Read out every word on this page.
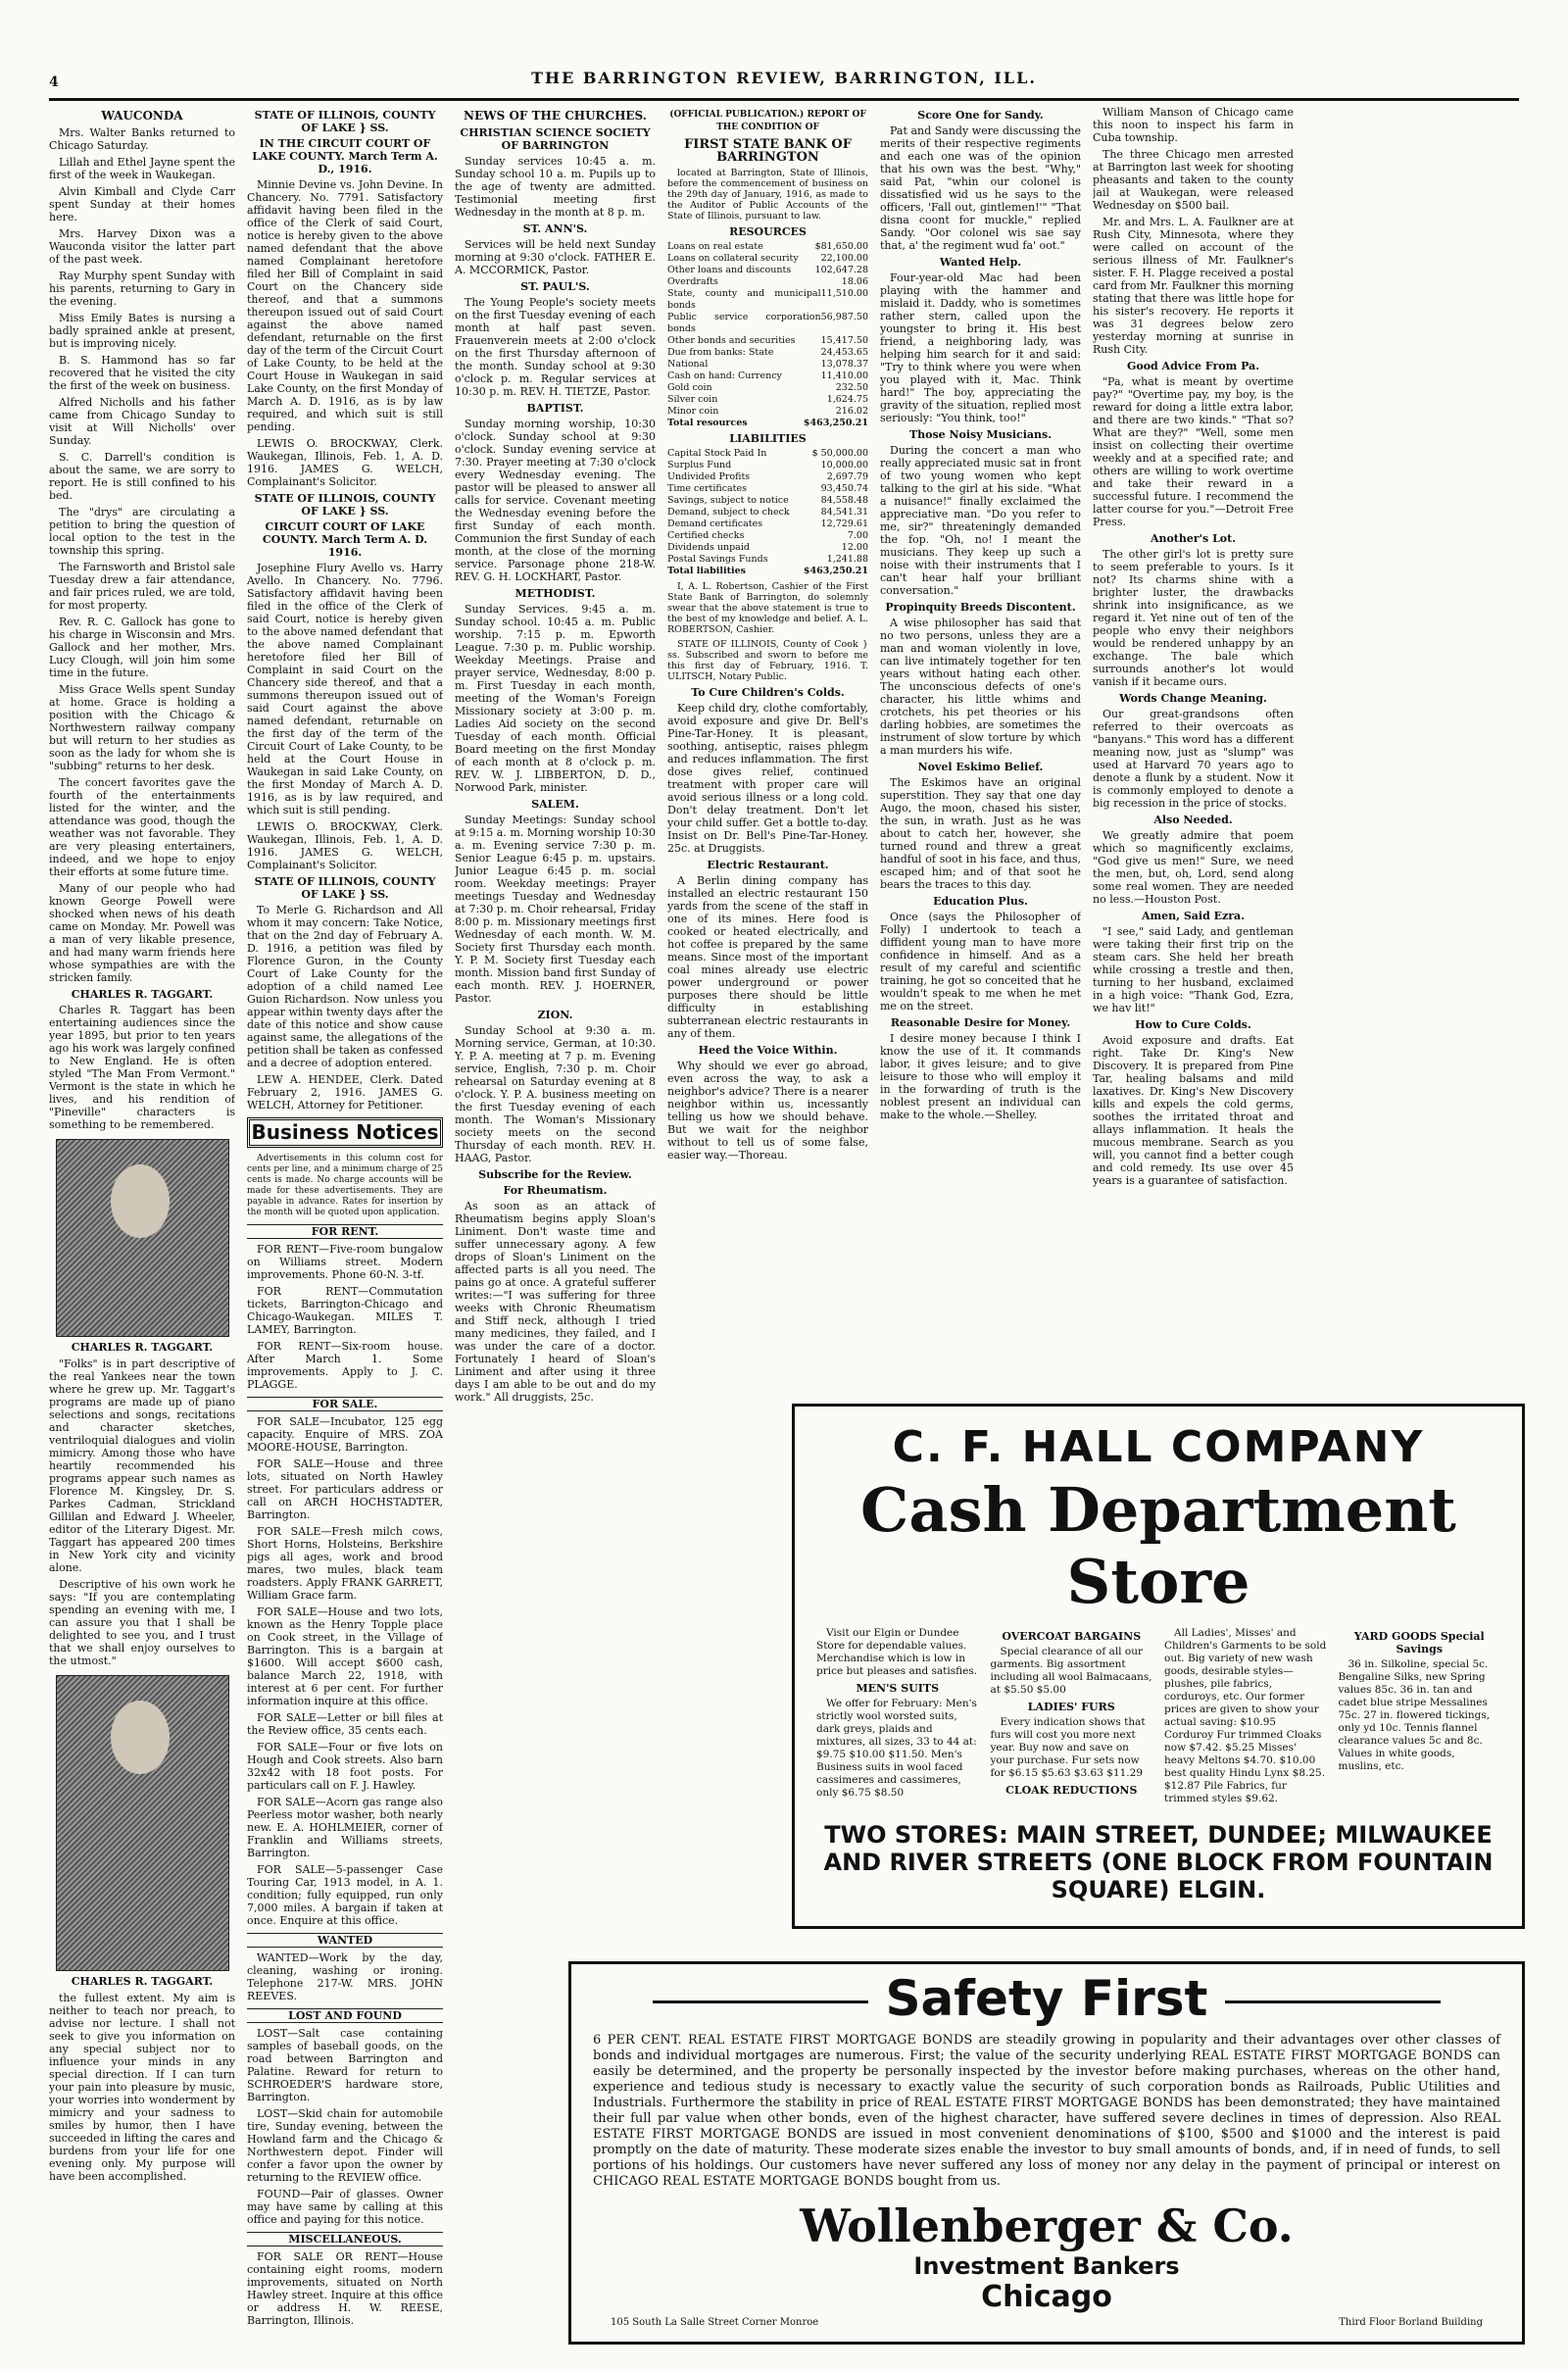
4	THE BARRINGTON REVIEW, BARRINGTON, ILL.
WAUCONDA

Mrs. Walter Banks returned to Chicago Saturday.

Lillah and Ethel Jayne spent the first of the week in Waukegan.

Alvin Kimball and Clyde Carr spent Sunday at their homes here.

Mrs. Harvey Dixon was a Wauconda visitor the latter part of the past week.

Ray Murphy spent Sunday with his parents, returning to Gary in the evening.

Miss Emily Bates is nursing a badly sprained ankle at present, but is improving nicely.

B. S. Hammond has so far recovered that he visited the city the first of the week on business.

Alfred Nicholls and his father came from Chicago Sunday to visit at Will Nicholls' over Sunday.

S. C. Darrell's condition is about the same, we are sorry to report. He is still confined to his bed.

The "drys" are circulating a petition to bring the question of local option to the test in the township this spring.

The Farnsworth and Bristol sale Tuesday drew a fair attendance, and fair prices ruled, we are told, for most property.

Rev. R. C. Gallock has gone to his charge in Wisconsin and Mrs. Gallock and her mother, Mrs. Lucy Clough, will join him some time in the future.

Miss Grace Wells spent Sunday at home. Grace is holding a position with the Chicago & Northwestern railway company but will return to her studies as soon as the lady for whom she is "subbing" returns to her desk.

The concert favorites gave the fourth of the entertainments listed for the winter, and the attendance was good, though the weather was not favorable. They are very pleasing entertainers, indeed, and we hope to enjoy their efforts at some future time.

Many of our people who had known George Powell were shocked when news of his death came on Monday. Mr. Powell was a man of very likable presence, and had many warm friends here whose sympathies are with the stricken family.

CHARLES R. TAGGART.

Charles R. Taggart has been entertaining audiences since the year 1895, but prior to ten years ago his work was largely confined to New England. He is often styled "The Man From Vermont." Vermont is the state in which he lives, and his rendition of "Pineville" characters is something to be remembered.

CHARLES R. TAGGART.

"Folks" is in part descriptive of the real Yankees near the town where he grew up. Mr. Taggart's programs are made up of piano selections and songs, recitations and character sketches, ventriloquial dialogues and violin mimicry. Among those who have heartily recommended his programs appear such names as Florence M. Kingsley, Dr. S. Parkes Cadman, Strickland Gillilan and Edward J. Wheeler, editor of the Literary Digest. Mr. Taggart has appeared 200 times in New York city and vicinity alone.

Descriptive of his own work he says: "If you are contemplating spending an evening with me, I can assure you that I shall be delighted to see you, and I trust that we shall enjoy ourselves to the utmost."

CHARLES R. TAGGART.

the fullest extent. My aim is neither to teach nor preach, to advise nor lecture. I shall not seek to give you information on any special subject nor to influence your minds in any special direction. If I can turn your pain into pleasure by music, your worries into wonderment by mimicry and your sadness to smiles by humor, then I have succeeded in lifting the cares and burdens from your life for one evening only. My purpose will have been accomplished.

STATE OF ILLINOIS, COUNTY OF LAKE } SS.
IN THE CIRCUIT COURT OF LAKE COUNTY. March Term A. D., 1916.

Minnie Devine vs. John Devine. In Chancery. No. 7791. Satisfactory affidavit having been filed in the office of the Clerk of said Court, notice is hereby given to the above named defendant that the above named Complainant heretofore filed her Bill of Complaint in said Court on the Chancery side thereof, and that a summons thereupon issued out of said Court against the above named defendant, returnable on the first day of the term of the Circuit Court of Lake County, to be held at the Court House in Waukegan in said Lake County, on the first Monday of March A. D. 1916, as is by law required, and which suit is still pending.

LEWIS O. BROCKWAY, Clerk. Waukegan, Illinois, Feb. 1, A. D. 1916. JAMES G. WELCH, Complainant's Solicitor.

STATE OF ILLINOIS, COUNTY OF LAKE } SS.
CIRCUIT COURT OF LAKE COUNTY. March Term A. D. 1916.

Josephine Flury Avello vs. Harry Avello. In Chancery. No. 7796. Satisfactory affidavit having been filed in the office of the Clerk of said Court, notice is hereby given to the above named defendant that the above named Complainant heretofore filed her Bill of Complaint in said Court on the Chancery side thereof, and that a summons thereupon issued out of said Court against the above named defendant, returnable on the first day of the term of the Circuit Court of Lake County, to be held at the Court House in Waukegan in said Lake County, on the first Monday of March A. D. 1916, as is by law required, and which suit is still pending.

LEWIS O. BROCKWAY, Clerk. Waukegan, Illinois, Feb. 1, A. D. 1916. JAMES G. WELCH, Complainant's Solicitor.

STATE OF ILLINOIS, COUNTY OF LAKE } SS.

To Merle G. Richardson and All whom it may concern: Take Notice, that on the 2nd day of February A. D. 1916, a petition was filed by Florence Guron, in the County Court of Lake County for the adoption of a child named Lee Guion Richardson. Now unless you appear within twenty days after the date of this notice and show cause against same, the allegations of the petition shall be taken as confessed and a decree of adoption entered.

LEW A. HENDEE, Clerk. Dated February 2, 1916. JAMES G. WELCH, Attorney for Petitioner.

Business Notices

Advertisements in this column cost for cents per line, and a minimum charge of 25 cents is made. No charge accounts will be made for these advertisements. They are payable in advance. Rates for insertion by the month will be quoted upon application.

FOR RENT.

FOR RENT—Five-room bungalow on Williams street. Modern improvements. Phone 60-N. 3-tf.

FOR RENT—Commutation tickets, Barrington-Chicago and Chicago-Waukegan. MILES T. LAMEY, Barrington.

FOR RENT—Six-room house. After March 1. Some improvements. Apply to J. C. PLAGGE.

FOR SALE.

FOR SALE—Incubator, 125 egg capacity. Enquire of MRS. ZOA MOORE-HOUSE, Barrington.

FOR SALE—House and three lots, situated on North Hawley street. For particulars address or call on ARCH HOCHSTADTER, Barrington.

FOR SALE—Fresh milch cows, Short Horns, Holsteins, Berkshire pigs all ages, work and brood mares, two mules, black team roadsters. Apply FRANK GARRETT, William Grace farm.

FOR SALE—House and two lots, known as the Henry Topple place on Cook street, in the Village of Barrington. This is a bargain at $1600. Will accept $600 cash, balance March 22, 1918, with interest at 6 per cent. For further information inquire at this office.

FOR SALE—Letter or bill files at the Review office, 35 cents each.

FOR SALE—Four or five lots on Hough and Cook streets. Also barn 32x42 with 18 foot posts. For particulars call on F. J. Hawley.

FOR SALE—Acorn gas range also Peerless motor washer, both nearly new. E. A. HOHLMEIER, corner of Franklin and Williams streets, Barrington.

FOR SALE—5-passenger Case Touring Car, 1913 model, in A. 1. condition; fully equipped, run only 7,000 miles. A bargain if taken at once. Enquire at this office.

WANTED

WANTED—Work by the day, cleaning, washing or ironing. Telephone 217-W. MRS. JOHN REEVES.

LOST AND FOUND

LOST—Salt case containing samples of baseball goods, on the road between Barrington and Palatine. Reward for return to SCHROEDER'S hardware store, Barrington.

LOST—Skid chain for automobile tire, Sunday evening, between the Howland farm and the Chicago & Northwestern depot. Finder will confer a favor upon the owner by returning to the REVIEW office.

FOUND—Pair of glasses. Owner may have same by calling at this office and paying for this notice.

MISCELLANEOUS.

FOR SALE OR RENT—House containing eight rooms, modern improvements, situated on North Hawley street. Inquire at this office or address H. W. REESE, Barrington, Illinois.

NEWS OF THE CHURCHES.
CHRISTIAN SCIENCE SOCIETY OF BARRINGTON

Sunday services 10:45 a. m. Sunday school 10 a. m. Pupils up to the age of twenty are admitted. Testimonial meeting first Wednesday in the month at 8 p. m.

ST. ANN'S.

Services will be held next Sunday morning at 9:30 o'clock. FATHER E. A. MCCORMICK, Pastor.

ST. PAUL'S.

The Young People's society meets on the first Tuesday evening of each month at half past seven. Frauenverein meets at 2:00 o'clock on the first Thursday afternoon of the month. Sunday school at 9:30 o'clock p. m. Regular services at 10:30 p. m. REV. H. TIETZE, Pastor.

BAPTIST.

Sunday morning worship, 10:30 o'clock. Sunday school at 9:30 o'clock. Sunday evening service at 7:30. Prayer meeting at 7:30 o'clock every Wednesday evening. The pastor will be pleased to answer all calls for service. Covenant meeting the Wednesday evening before the first Sunday of each month. Communion the first Sunday of each month, at the close of the morning service. Parsonage phone 218-W. REV. G. H. LOCKHART, Pastor.

METHODIST.

Sunday Services. 9:45 a. m. Sunday school. 10:45 a. m. Public worship. 7:15 p. m. Epworth League. 7:30 p. m. Public worship. Weekday Meetings. Praise and prayer service, Wednesday, 8:00 p. m. First Tuesday in each month, meeting of the Woman's Foreign Missionary society at 3:00 p. m. Ladies Aid society on the second Tuesday of each month. Official Board meeting on the first Monday of each month at 8 o'clock p. m. REV. W. J. LIBBERTON, D. D., Norwood Park, minister.

SALEM.

Sunday Meetings: Sunday school at 9:15 a. m. Morning worship 10:30 a. m. Evening service 7:30 p. m. Senior League 6:45 p. m. upstairs. Junior League 6:45 p. m. social room. Weekday meetings: Prayer meetings Tuesday and Wednesday at 7:30 p. m. Choir rehearsal, Friday 8:00 p. m. Missionary meetings first Wednesday of each month. W. M. Society first Thursday each month. Y. P. M. Society first Tuesday each month. Mission band first Sunday of each month. REV. J. HOERNER, Pastor.

ZION.

Sunday School at 9:30 a. m. Morning service, German, at 10:30. Y. P. A. meeting at 7 p. m. Evening service, English, 7:30 p. m. Choir rehearsal on Saturday evening at 8 o'clock. Y. P. A. business meeting on the first Tuesday evening of each month. The Woman's Missionary society meets on the second Thursday of each month. REV. H. HAAG, Pastor.

Subscribe for the Review.
For Rheumatism.

As soon as an attack of Rheumatism begins apply Sloan's Liniment. Don't waste time and suffer unnecessary agony. A few drops of Sloan's Liniment on the affected parts is all you need. The pains go at once. A grateful sufferer writes:—"I was suffering for three weeks with Chronic Rheumatism and Stiff neck, although I tried many medicines, they failed, and I was under the care of a doctor. Fortunately I heard of Sloan's Liniment and after using it three days I am able to be out and do my work." All druggists, 25c.

(OFFICIAL PUBLICATION.) REPORT OF THE CONDITION OF
FIRST STATE BANK OF BARRINGTON

located at Barrington, State of Illinois, before the commencement of business on the 29th day of January, 1916, as made to the Auditor of Public Accounts of the State of Illinois, pursuant to law.

RESOURCES
Loans on real estate	$81,650.00
Loans on collateral security 22,100.00
Other loans and discounts	102,647.28
Overdrafts	18.06
State, county and municipal bonds
11,510.00
Public service corporation bonds
56,987.50
Other bonds and securities	15,417.50
Due from banks: State	24,453.65
National	13,078.37
Cash on hand: Currency	11,410.00
Gold coin	232.50
Silver coin	1,624.75
Minor coin	216.02
Total resources	$463,250.21
LIABILITIES
Capital Stock Paid In	$ 50,000.00
Surplus Fund	10,000.00
Undivided Profits	2,697.79
Time certificates	93,450.74
Savings, subject to notice	84,558.48
Demand, subject to check	84,541.31
Demand certificates	12,729.61
Certified checks	7.00
Dividends unpaid	12.00
Postal Savings Funds	1,241.88
Total liabilities	$463,250.21

I, A. L. Robertson, Cashier of the First State Bank of Barrington, do solemnly swear that the above statement is true to the best of my knowledge and belief. A. L. ROBERTSON, Cashier.

STATE OF ILLINOIS, County of Cook } ss. Subscribed and sworn to before me this first day of February, 1916. T. ULITSCH, Notary Public.

To Cure Children's Colds.

Keep child dry, clothe comfortably, avoid exposure and give Dr. Bell's Pine-Tar-Honey. It is pleasant, soothing, antiseptic, raises phlegm and reduces inflammation. The first dose gives relief, continued treatment with proper care will avoid serious illness or a long cold. Don't delay treatment. Don't let your child suffer. Get a bottle to-day. Insist on Dr. Bell's Pine-Tar-Honey. 25c. at Druggists.

Electric Restaurant.

A Berlin dining company has installed an electric restaurant 150 yards from the scene of the staff in one of its mines. Here food is cooked or heated electrically, and hot coffee is prepared by the same means. Since most of the important coal mines already use electric power underground or power purposes there should be little difficulty in establishing subterranean electric restaurants in any of them.

Heed the Voice Within.

Why should we ever go abroad, even across the way, to ask a neighbor's advice? There is a nearer neighbor within us, incessantly telling us how we should behave. But we wait for the neighbor without to tell us of some false, easier way.—Thoreau.

Score One for Sandy.

Pat and Sandy were discussing the merits of their respective regiments and each one was of the opinion that his own was the best. "Why," said Pat, "whin our colonel is dissatisfied wid us he says to the officers, 'Fall out, gintlemen!'" "That disna coont for muckle," replied Sandy. "Oor colonel wis sae say that, a' the regiment wud fa' oot."

Wanted Help.

Four-year-old Mac had been playing with the hammer and mislaid it. Daddy, who is sometimes rather stern, called upon the youngster to bring it. His best friend, a neighboring lady, was helping him search for it and said: "Try to think where you were when you played with it, Mac. Think hard!" The boy, appreciating the gravity of the situation, replied most seriously: "You think, too!"

Those Noisy Musicians.

During the concert a man who really appreciated music sat in front of two young women who kept talking to the girl at his side. "What a nuisance!" finally exclaimed the appreciative man. "Do you refer to me, sir?" threateningly demanded the fop. "Oh, no! I meant the musicians. They keep up such a noise with their instruments that I can't hear half your brilliant conversation."

Propinquity Breeds Discontent.

A wise philosopher has said that no two persons, unless they are a man and woman violently in love, can live intimately together for ten years without hating each other. The unconscious defects of one's character, his little whims and crotchets, his pet theories or his darling hobbies, are sometimes the instrument of slow torture by which a man murders his wife.

Novel Eskimo Belief.

The Eskimos have an original superstition. They say that one day Augo, the moon, chased his sister, the sun, in wrath. Just as he was about to catch her, however, she turned round and threw a great handful of soot in his face, and thus, escaped him; and of that soot he bears the traces to this day.

Education Plus.

Once (says the Philosopher of Folly) I undertook to teach a diffident young man to have more confidence in himself. And as a result of my careful and scientific training, he got so conceited that he wouldn't speak to me when he met me on the street.

Reasonable Desire for Money.

I desire money because I think I know the use of it. It commands labor, it gives leisure; and to give leisure to those who will employ it in the forwarding of truth is the noblest present an individual can make to the whole.—Shelley.

William Manson of Chicago came this noon to inspect his farm in Cuba township.

The three Chicago men arrested at Barrington last week for shooting pheasants and taken to the county jail at Waukegan, were released Wednesday on $500 bail.

Mr. and Mrs. L. A. Faulkner are at Rush City, Minnesota, where they were called on account of the serious illness of Mr. Faulkner's sister. F. H. Plagge received a postal card from Mr. Faulkner this morning stating that there was little hope for his sister's recovery. He reports it was 31 degrees below zero yesterday morning at sunrise in Rush City.

Good Advice From Pa.

"Pa, what is meant by overtime pay?" "Overtime pay, my boy, is the reward for doing a little extra labor, and there are two kinds." "That so? What are they?" "Well, some men insist on collecting their overtime weekly and at a specified rate; and others are willing to work overtime and take their reward in a successful future. I recommend the latter course for you."—Detroit Free Press.

Another's Lot.

The other girl's lot is pretty sure to seem preferable to yours. Is it not? Its charms shine with a brighter luster, the drawbacks shrink into insignificance, as we regard it. Yet nine out of ten of the people who envy their neighbors would be rendered unhappy by an exchange. The bale which surrounds another's lot would vanish if it became ours.

Words Change Meaning.

Our great-grandsons often referred to their overcoats as "banyans." This word has a different meaning now, just as "slump" was used at Harvard 70 years ago to denote a flunk by a student. Now it is commonly employed to denote a big recession in the price of stocks.

Also Needed.

We greatly admire that poem which so magnificently exclaims, "God give us men!" Sure, we need the men, but, oh, Lord, send along some real women. They are needed no less.—Houston Post.

Amen, Said Ezra.

"I see," said Lady, and gentleman were taking their first trip on the steam cars. She held her breath while crossing a trestle and then, turning to her husband, exclaimed in a high voice: "Thank God, Ezra, we hav lit!"

How to Cure Colds.

Avoid exposure and drafts. Eat right. Take Dr. King's New Discovery. It is prepared from Pine Tar, healing balsams and mild laxatives. Dr. King's New Discovery kills and expels the cold germs, soothes the irritated throat and allays inflammation. It heals the mucous membrane. Search as you will, you cannot find a better cough and cold remedy. Its use over 45 years is a guarantee of satisfaction.

C. F. HALL COMPANY
Cash Department Store

Visit our Elgin or Dundee Store for dependable values. Merchandise which is low in price but pleases and satisfies.

MEN'S SUITS

We offer for February: Men's strictly wool worsted suits, dark greys, plaids and mixtures, all sizes, 33 to 44 at: $9.75 $10.00 $11.50. Men's Business suits in wool faced cassimeres and cassimeres, only $6.75 $8.50

OVERCOAT BARGAINS

Special clearance of all our garments. Big assortment including all wool Balmacaans, at $5.50 $5.00

LADIES' FURS

Every indication shows that furs will cost you more next year. Buy now and save on your purchase. Fur sets now for $6.15 $5.63 $3.63 $11.29

CLOAK REDUCTIONS

All Ladies', Misses' and Children's Garments to be sold out. Big variety of new wash goods, desirable styles—plushes, pile fabrics, corduroys, etc. Our former prices are given to show your actual saving: $10.95 Corduroy Fur trimmed Cloaks now $7.42. $5.25 Misses' heavy Meltons $4.70. $10.00 best quality Hindu Lynx $8.25. $12.87 Pile Fabrics, fur trimmed styles $9.62.

YARD GOODS Special Savings

36 in. Silkoline, special 5c. Bengaline Silks, new Spring values 85c. 36 in. tan and cadet blue stripe Messalines 75c. 27 in. flowered tickings, only yd 10c. Tennis flannel clearance values 5c and 8c. Values in white goods, muslins, etc.

TWO STORES: MAIN STREET, DUNDEE; MILWAUKEE AND RIVER STREETS (ONE BLOCK FROM FOUNTAIN SQUARE) ELGIN.
Safety First
6 PER CENT. REAL ESTATE FIRST MORTGAGE BONDS are steadily growing in popularity and their advantages over other classes of bonds and individual mortgages are numerous. First; the value of the security underlying REAL ESTATE FIRST MORTGAGE BONDS can easily be determined, and the property be personally inspected by the investor before making purchases, whereas on the other hand, experience and tedious study is necessary to exactly value the security of such corporation bonds as Railroads, Public Utilities and Industrials. Furthermore the stability in price of REAL ESTATE FIRST MORTGAGE BONDS has been demonstrated; they have maintained their full par value when other bonds, even of the highest character, have suffered severe declines in times of depression. Also REAL ESTATE FIRST MORTGAGE BONDS are issued in most convenient denominations of $100, $500 and $1000 and the interest is paid promptly on the date of maturity. These moderate sizes enable the investor to buy small amounts of bonds, and, if in need of funds, to sell portions of his holdings. Our customers have never suffered any loss of money nor any delay in the payment of principal or interest on CHICAGO REAL ESTATE MORTGAGE BONDS bought from us.
Wollenberger & Co.
Investment Bankers
Chicago
105 South La Salle Street Corner Monroe	Third Floor Borland Building
